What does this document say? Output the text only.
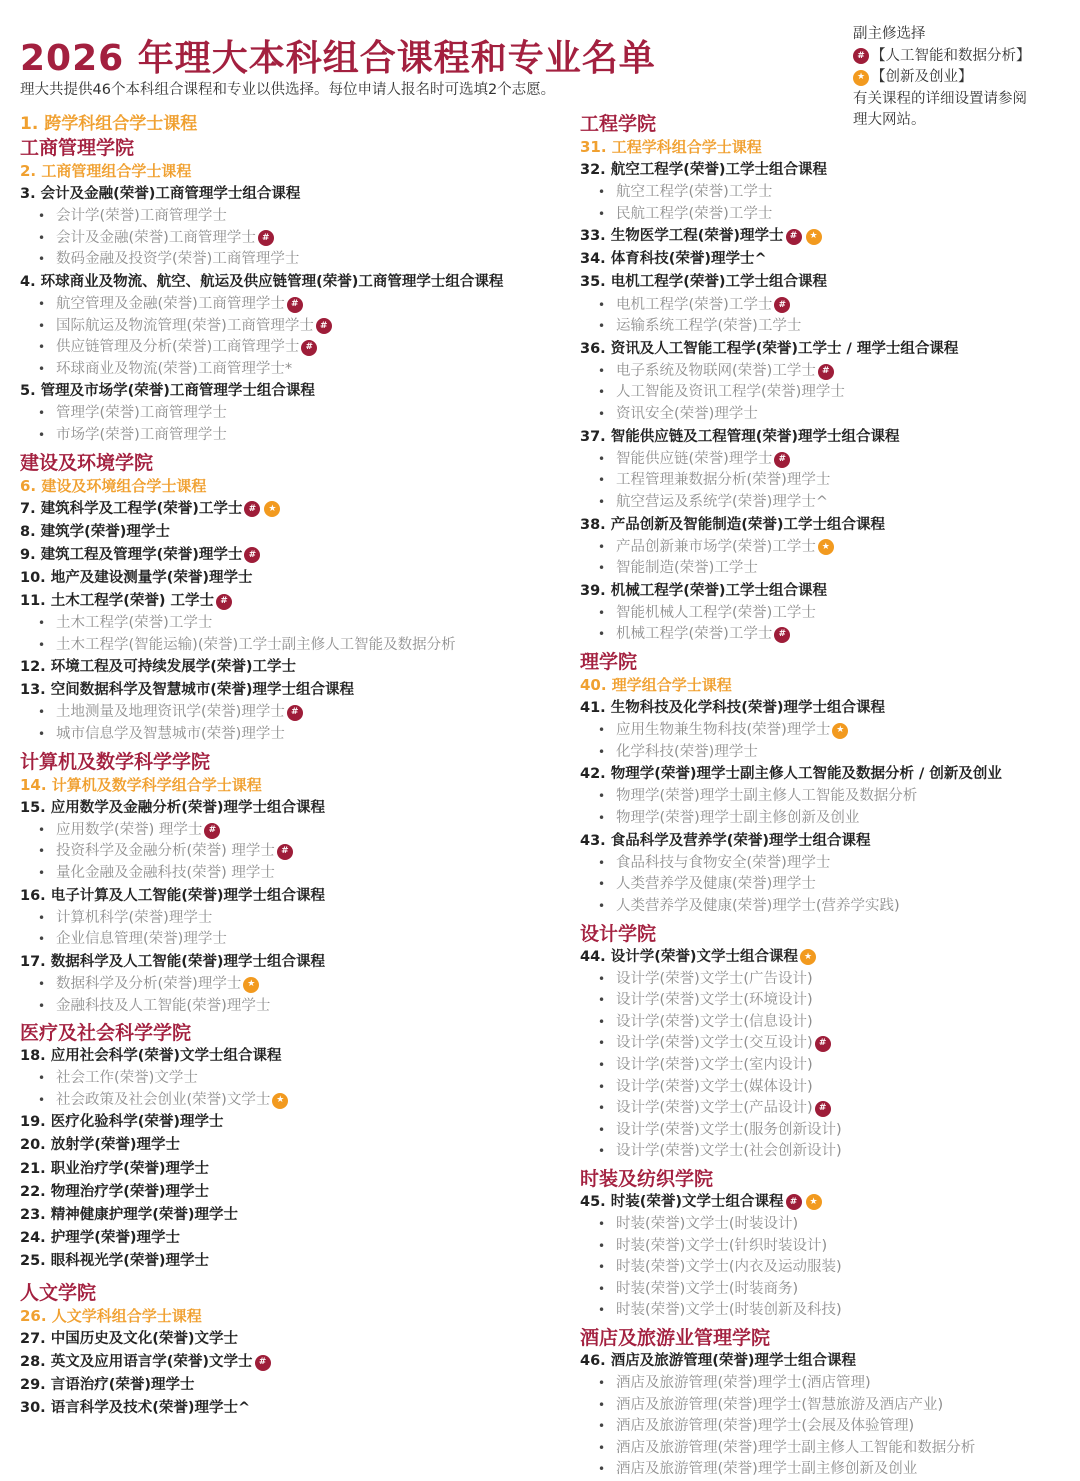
2026 年理大本科组合课程和专业名单
理大共提供46个本科组合课程和专业以供选择。每位申请人报名时可选填2个志愿。
副主修选择
# 【人工智能和数据分析】
★ 【创新及创业】
有关课程的详细设置请参阅
理大网站。
1. 跨学科组合学士课程
工商管理学院
2. 工商管理组合学士课程
3. 会计及金融(荣誉)工商管理学士组合课程
• 会计学(荣誉)工商管理学士
• 会计及金融(荣誉)工商管理学士 #
• 数码金融及投资学(荣誉)工商管理学士
4. 环球商业及物流、航空、航运及供应链管理(荣誉)工商管理学士组合课程
• 航空管理及金融(荣誉)工商管理学士 #
• 国际航运及物流管理(荣誉)工商管理学士 #
• 供应链管理及分析(荣誉)工商管理学士 #
• 环球商业及物流(荣誉)工商管理学士*
5. 管理及市场学(荣誉)工商管理学士组合课程
• 管理学(荣誉)工商管理学士
• 市场学(荣誉)工商管理学士
建设及环境学院
6. 建设及环境组合学士课程
7. 建筑科学及工程学(荣誉)工学士 #	★
8. 建筑学(荣誉)理学士
9. 建筑工程及管理学(荣誉)理学士 #
10. 地产及建设测量学(荣誉)理学士
11. 土木工程学(荣誉) 工学士 #
• 土木工程学(荣誉)工学士
• 土木工程学(智能运输)(荣誉)工学士副主修人工智能及数据分析
12. 环境工程及可持续发展学(荣誉)工学士
13. 空间数据科学及智慧城市(荣誉)理学士组合课程
• 土地测量及地理资讯学(荣誉)理学士 #
• 城市信息学及智慧城市(荣誉)理学士
计算机及数学科学学院
14. 计算机及数学科学组合学士课程
15. 应用数学及金融分析(荣誉)理学士组合课程
• 应用数学(荣誉) 理学士 #
• 投资科学及金融分析(荣誉) 理学士 #
• 量化金融及金融科技(荣誉) 理学士
16. 电子计算及人工智能(荣誉)理学士组合课程
• 计算机科学(荣誉)理学士
• 企业信息管理(荣誉)理学士
17. 数据科学及人工智能(荣誉)理学士组合课程
• 数据科学及分析(荣誉)理学士 ★
• 金融科技及人工智能(荣誉)理学士
医疗及社会科学学院
18. 应用社会科学(荣誉)文学士组合课程
• 社会工作(荣誉)文学士
• 社会政策及社会创业(荣誉)文学士 ★
19. 医疗化验科学(荣誉)理学士
20. 放射学(荣誉)理学士
21. 职业治疗学(荣誉)理学士
22. 物理治疗学(荣誉)理学士
23. 精神健康护理学(荣誉)理学士
24. 护理学(荣誉)理学士
25. 眼科视光学(荣誉)理学士
人文学院
26. 人文学科组合学士课程
27. 中国历史及文化(荣誉)文学士
28. 英文及应用语言学(荣誉)文学士 #
29. 言语治疗(荣誉)理学士
30. 语言科学及技术(荣誉)理学士^
工程学院
31. 工程学科组合学士课程
32. 航空工程学(荣誉)工学士组合课程
• 航空工程学(荣誉)工学士
• 民航工程学(荣誉)工学士
33. 生物医学工程(荣誉)理学士 #	★
34. 体育科技(荣誉)理学士^
35. 电机工程学(荣誉)工学士组合课程
• 电机工程学(荣誉)工学士 #
• 运输系统工程学(荣誉)工学士
36. 资讯及人工智能工程学(荣誉)工学士 / 理学士组合课程
• 电子系统及物联网(荣誉)工学士 #
• 人工智能及资讯工程学(荣誉)理学士
• 资讯安全(荣誉)理学士
37. 智能供应链及工程管理(荣誉)理学士组合课程
• 智能供应链(荣誉)理学士 #
• 工程管理兼数据分析(荣誉)理学士
• 航空营运及系统学(荣誉)理学士^
38. 产品创新及智能制造(荣誉)工学士组合课程
• 产品创新兼市场学(荣誉)工学士 ★
• 智能制造(荣誉)工学士
39. 机械工程学(荣誉)工学士组合课程
• 智能机械人工程学(荣誉)工学士
• 机械工程学(荣誉)工学士 #
理学院
40. 理学组合学士课程
41. 生物科技及化学科技(荣誉)理学士组合课程
• 应用生物兼生物科技(荣誉)理学士 ★
• 化学科技(荣誉)理学士
42. 物理学(荣誉)理学士副主修人工智能及数据分析 / 创新及创业
• 物理学(荣誉)理学士副主修人工智能及数据分析
• 物理学(荣誉)理学士副主修创新及创业
43. 食品科学及营养学(荣誉)理学士组合课程
• 食品科技与食物安全(荣誉)理学士
• 人类营养学及健康(荣誉)理学士
• 人类营养学及健康(荣誉)理学士(营养学实践)
设计学院
44. 设计学(荣誉)文学士组合课程 ★
• 设计学(荣誉)文学士(广告设计)
• 设计学(荣誉)文学士(环境设计)
• 设计学(荣誉)文学士(信息设计)
• 设计学(荣誉)文学士(交互设计) #
• 设计学(荣誉)文学士(室内设计)
• 设计学(荣誉)文学士(媒体设计)
• 设计学(荣誉)文学士(产品设计) #
• 设计学(荣誉)文学士(服务创新设计)
• 设计学(荣誉)文学士(社会创新设计)
时装及纺织学院
45. 时装(荣誉)文学士组合课程 #	★
• 时装(荣誉)文学士(时装设计)
• 时装(荣誉)文学士(针织时装设计)
• 时装(荣誉)文学士(内衣及运动服装)
• 时装(荣誉)文学士(时装商务)
• 时装(荣誉)文学士(时装创新及科技)
酒店及旅游业管理学院
46. 酒店及旅游管理(荣誉)理学士组合课程
• 酒店及旅游管理(荣誉)理学士(酒店管理)
• 酒店及旅游管理(荣誉)理学士(智慧旅游及酒店产业)
• 酒店及旅游管理(荣誉)理学士(会展及体验管理)
• 酒店及旅游管理(荣誉)理学士副主修人工智能和数据分析
• 酒店及旅游管理(荣誉)理学士副主修创新及创业
